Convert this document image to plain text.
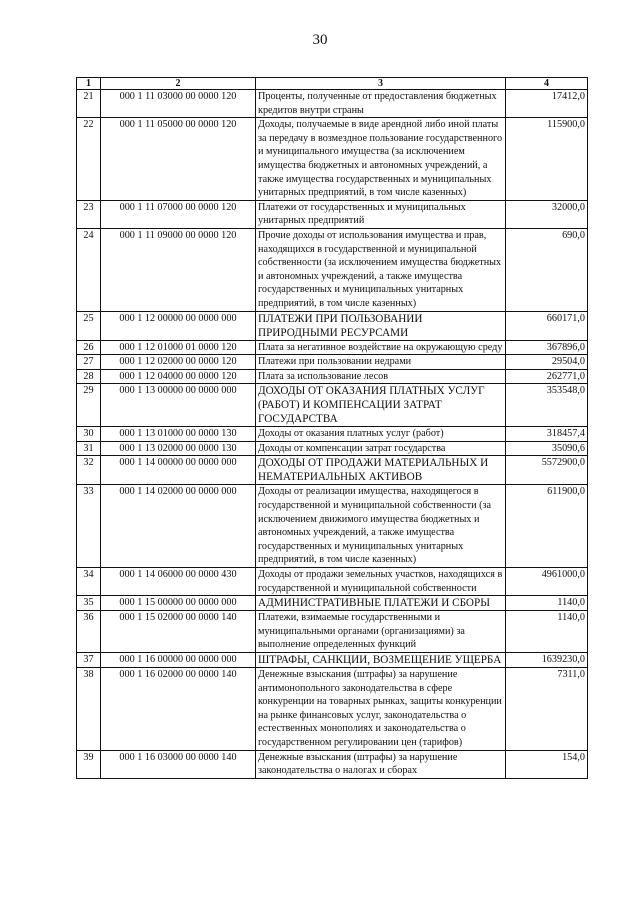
30
1	2	3	4
21	000 1 11 03000 00 0000 120	Проценты, полученные от предоставления бюджетных кредитов внутри страны	17412,0
22	000 1 11 05000 00 0000 120	Доходы, получаемые в виде арендной либо иной платы за передачу в возмездное пользование государственного и муниципального имущества (за исключением имущества бюджетных и автономных учреждений, а также имущества государственных и муниципальных унитарных предприятий, в том числе казенных)	115900,0
23	000 1 11 07000 00 0000 120	Платежи от государственных и муниципальных унитарных предприятий	32000,0
24	000 1 11 09000 00 0000 120	Прочие доходы от использования имущества и прав, находящихся в государственной и муниципальной собственности (за исключением имущества бюджетных и автономных учреждений, а также имущества государственных и муниципальных унитарных предприятий, в том числе казенных)	690,0
25	000 1 12 00000 00 0000 000	ПЛАТЕЖИ ПРИ ПОЛЬЗОВАНИИ ПРИРОДНЫМИ РЕСУРСАМИ	660171,0
26	000 1 12 01000 01 0000 120	Плата за негативное воздействие на окружающую среду	367896,0
27	000 1 12 02000 00 0000 120	Платежи при пользовании недрами	29504,0
28	000 1 12 04000 00 0000 120	Плата за использование лесов	262771,0
29	000 1 13 00000 00 0000 000	ДОХОДЫ ОТ ОКАЗАНИЯ ПЛАТНЫХ УСЛУГ (РАБОТ) И КОМПЕНСАЦИИ ЗАТРАТ ГОСУДАРСТВА	353548,0
30	000 1 13 01000 00 0000 130	Доходы от оказания платных услуг (работ)	318457,4
31	000 1 13 02000 00 0000 130	Доходы от компенсации затрат государства	35090,6
32	000 1 14 00000 00 0000 000	ДОХОДЫ ОТ ПРОДАЖИ МАТЕРИАЛЬНЫХ И НЕМАТЕРИАЛЬНЫХ АКТИВОВ	5572900,0
33	000 1 14 02000 00 0000 000	Доходы от реализации имущества, находящегося в государственной и муниципальной собственности (за исключением движимого имущества бюджетных и автономных учреждений, а также имущества государственных и муниципальных унитарных предприятий, в том числе казенных)	611900,0
34	000 1 14 06000 00 0000 430	Доходы от продажи земельных участков, находящихся в государственной и муниципальной собственности	4961000,0
35	000 1 15 00000 00 0000 000	АДМИНИСТРАТИВНЫЕ ПЛАТЕЖИ И СБОРЫ	1140,0
36	000 1 15 02000 00 0000 140	Платежи, взимаемые государственными и муниципальными органами (организациями) за выполнение определенных функций	1140,0
37	000 1 16 00000 00 0000 000	ШТРАФЫ, САНКЦИИ, ВОЗМЕЩЕНИЕ УЩЕРБА	1639230,0
38	000 1 16 02000 00 0000 140	Денежные взыскания (штрафы) за нарушение антимонопольного законодательства в сфере конкуренции на товарных рынках, защиты конкуренции на рынке финансовых услуг, законодательства о естественных монополиях и законодательства о государственном регулировании цен (тарифов)	7311,0
39	000 1 16 03000 00 0000 140	Денежные взыскания (штрафы) за нарушение законодательства о налогах и сборах	154,0
